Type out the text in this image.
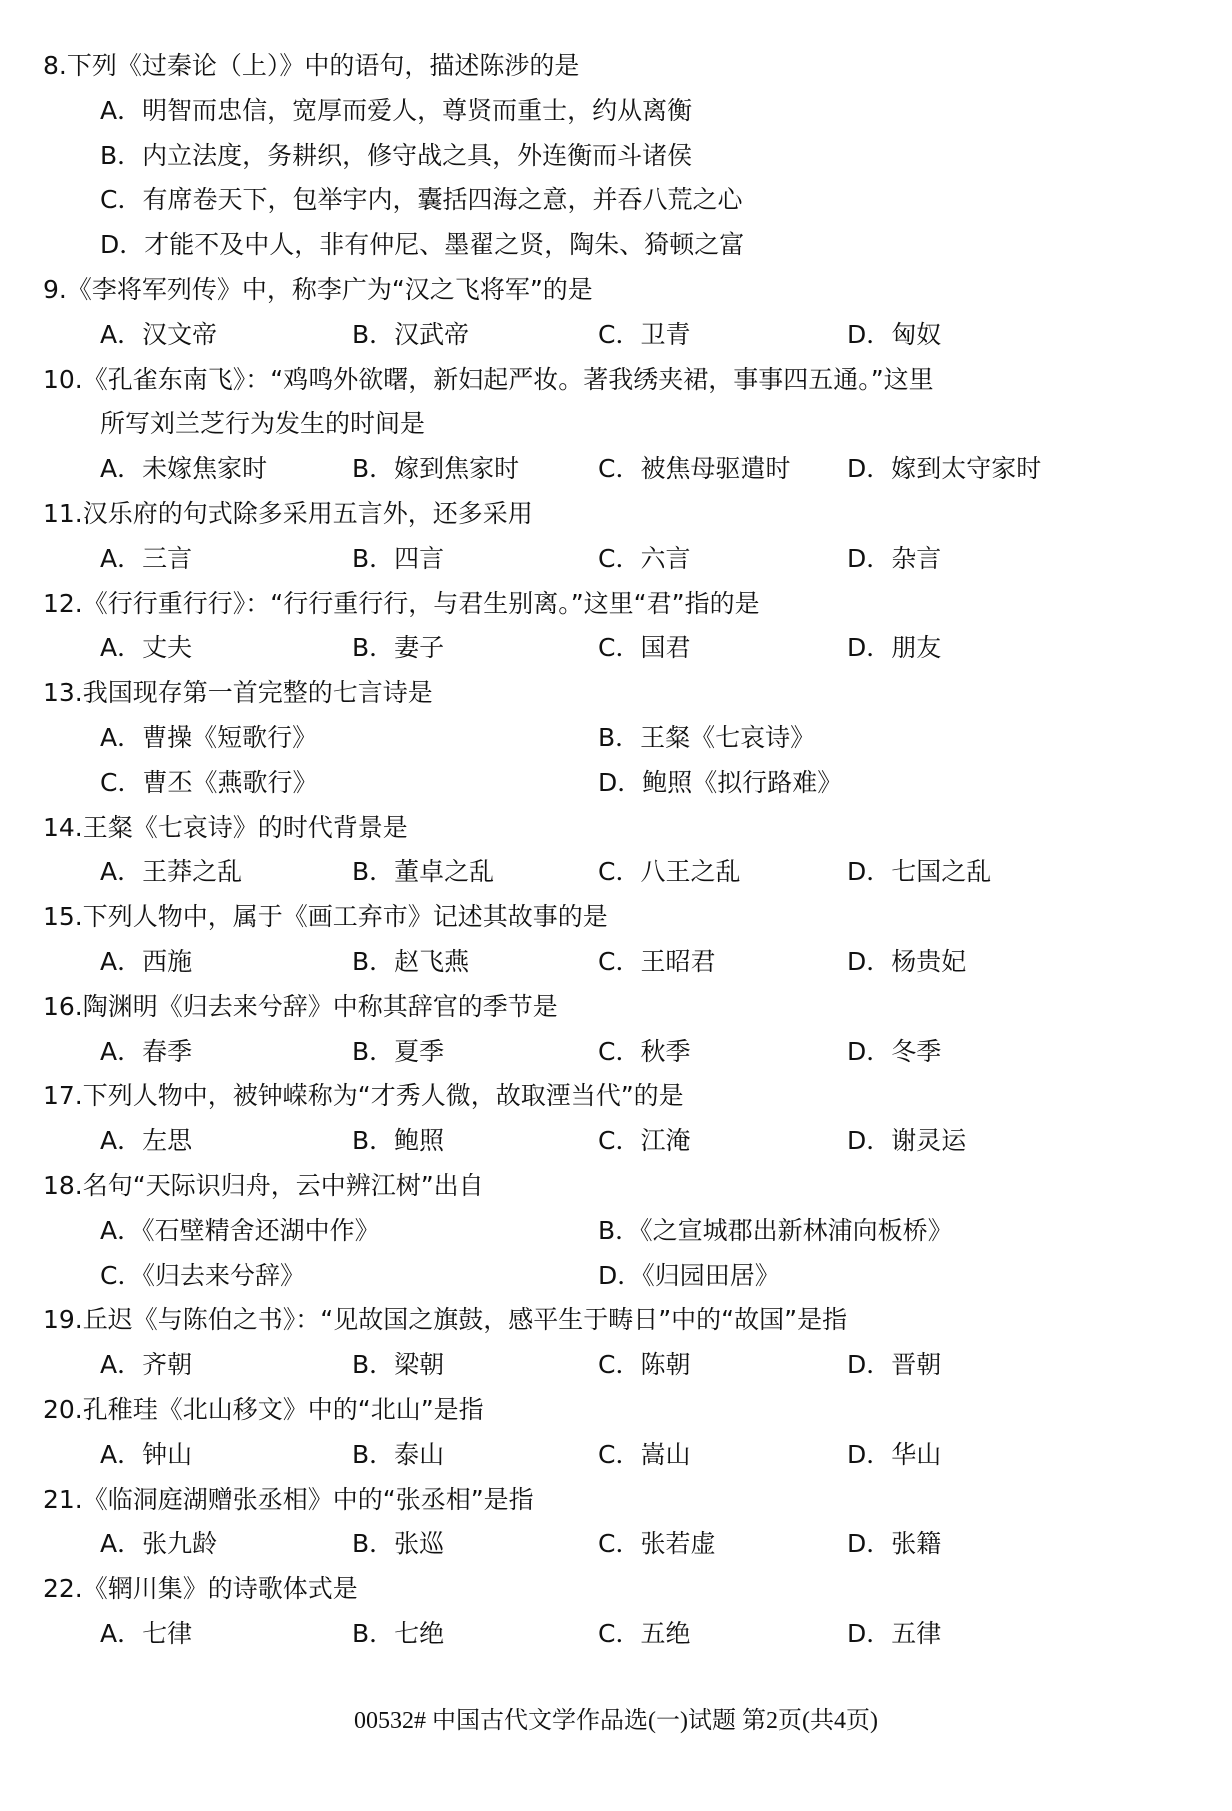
8.下列《过秦论（上）》中的语句，描述陈涉的是
A．明智而忠信，宽厚而爱人，尊贤而重士，约从离衡
B．内立法度，务耕织，修守战之具，外连衡而斗诸侯
C．有席卷天下，包举宇内，囊括四海之意，并吞八荒之心
D．才能不及中人，非有仲尼、墨翟之贤，陶朱、猗顿之富
9.《李将军列传》中，称李广为“汉之飞将军”的是
A．汉文帝	B．汉武帝	C．卫青	D．匈奴
10.《孔雀东南飞》：“鸡鸣外欲曙，新妇起严妆。著我绣夹裙，事事四五通。”这里
所写刘兰芝行为发生的时间是
A．未嫁焦家时	B．嫁到焦家时	C．被焦母驱遣时 D．嫁到太守家时
11.汉乐府的句式除多采用五言外，还多采用
A．三言	B．四言	C．六言	D．杂言
12.《行行重行行》：“行行重行行，与君生别离。”这里“君”指的是
A．丈夫	B．妻子	C．国君	D．朋友
13.我国现存第一首完整的七言诗是
A．曹操《短歌行》	B．王粲《七哀诗》
C．曹丕《燕歌行》	D．鲍照《拟行路难》
14.王粲《七哀诗》的时代背景是
A．王莽之乱	B．董卓之乱	C．八王之乱	D．七国之乱
15.下列人物中，属于《画工弃市》记述其故事的是
A．西施	B．赵飞燕	C．王昭君	D．杨贵妃
16.陶渊明《归去来兮辞》中称其辞官的季节是
A．春季	B．夏季	C．秋季	D．冬季
17.下列人物中，被钟嵘称为“才秀人微，故取湮当代”的是
A．左思	B．鲍照	C．江淹	D．谢灵运
18.名句“天际识归舟，云中辨江树”出自
A．《石壁精舍还湖中作》	B．《之宣城郡出新林浦向板桥》
C．《归去来兮辞》	D．《归园田居》
19.丘迟《与陈伯之书》：“见故国之旗鼓，感平生于畴日”中的“故国”是指
A．齐朝	B．梁朝	C．陈朝	D．晋朝
20.孔稚珪《北山移文》中的“北山”是指
A．钟山	B．泰山	C．嵩山	D．华山
21.《临洞庭湖赠张丞相》中的“张丞相”是指
A．张九龄	B．张巡	C．张若虚	D．张籍
22.《辋川集》的诗歌体式是
A．七律	B．七绝	C．五绝	D．五律
00532# 中国古代文学作品选(一)试题 第2页(共4页)
